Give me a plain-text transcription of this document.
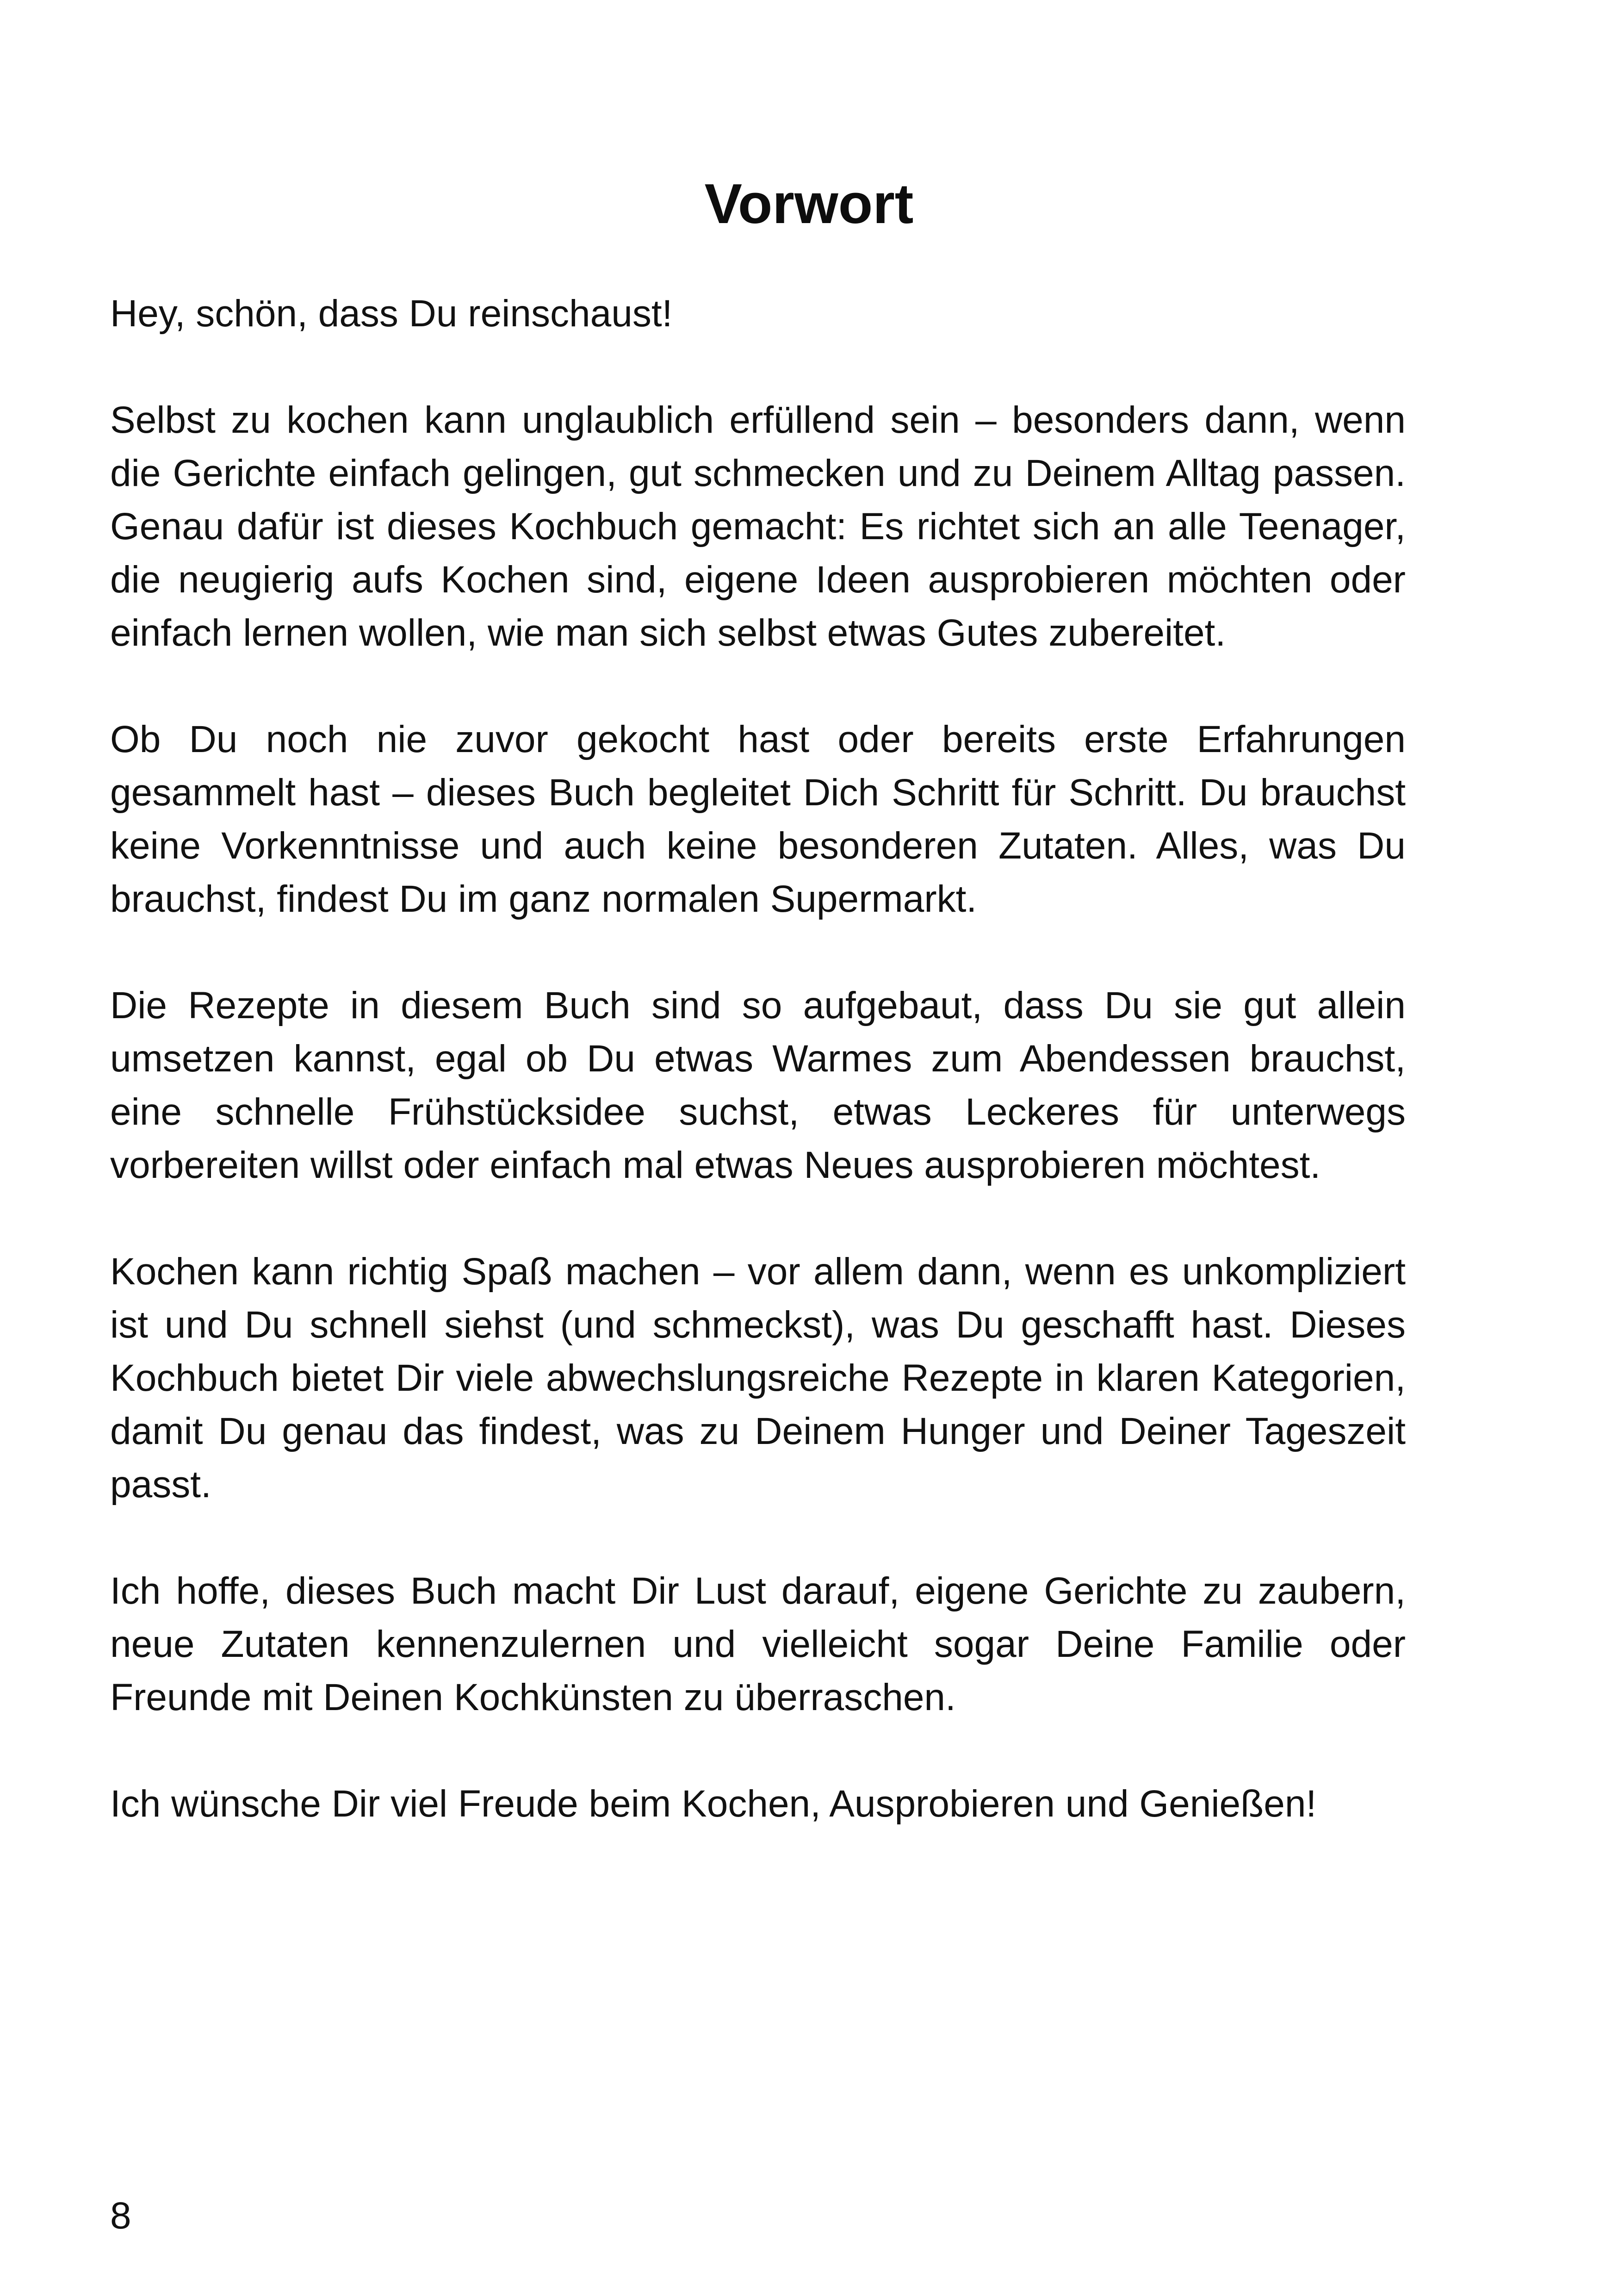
Vorwort

Hey, schön, dass Du reinschaust!

Selbst zu kochen kann unglaublich erfüllend sein – besonders dann, wenn die Gerichte einfach gelingen, gut schmecken und zu Deinem Alltag passen. Genau dafür ist dieses Kochbuch gemacht: Es richtet sich an alle Teenager, die neugierig aufs Kochen sind, eigene Ideen ausprobieren möchten oder einfach lernen wollen, wie man sich selbst etwas Gutes zubereitet.

Ob Du noch nie zuvor gekocht hast oder bereits erste Erfahrungen gesammelt hast – dieses Buch begleitet Dich Schritt für Schritt. Du brauchst keine Vorkenntnisse und auch keine besonderen Zutaten. Alles, was Du brauchst, findest Du im ganz normalen Supermarkt.

Die Rezepte in diesem Buch sind so aufgebaut, dass Du sie gut allein umsetzen kannst, egal ob Du etwas Warmes zum Abendessen brauchst, eine schnelle Frühstücksidee suchst, etwas Leckeres für unterwegs vorbereiten willst oder einfach mal etwas Neues ausprobieren möchtest.

Kochen kann richtig Spaß machen – vor allem dann, wenn es unkompliziert ist und Du schnell siehst (und schmeckst), was Du geschafft hast. Dieses Kochbuch bietet Dir viele abwechslungsreiche Rezepte in klaren Kategorien, damit Du genau das findest, was zu Deinem Hunger und Deiner Tageszeit passt.

Ich hoffe, dieses Buch macht Dir Lust darauf, eigene Gerichte zu zaubern, neue Zutaten kennenzulernen und vielleicht sogar Deine Familie oder Freunde mit Deinen Kochkünsten zu überraschen.

Ich wünsche Dir viel Freude beim Kochen, Ausprobieren und Genießen!

8
